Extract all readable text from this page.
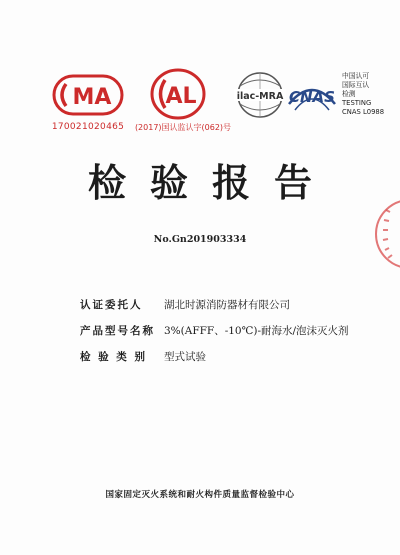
MA
170021020465
AL
(2017)国认监认字(062)号
ilac-MRA CNAS
中国认可
国际互认
检测
TESTING
CNAS L0988
检验报告
No.Gn201903334
认证委托人	湖北时源消防器材有限公司
产品型号名称 3%(AFFF、-10℃)-耐海水/泡沫灭火剂
检 验 类 别	型式试验
国家固定灭火系统和耐火构件质量监督检验中心
